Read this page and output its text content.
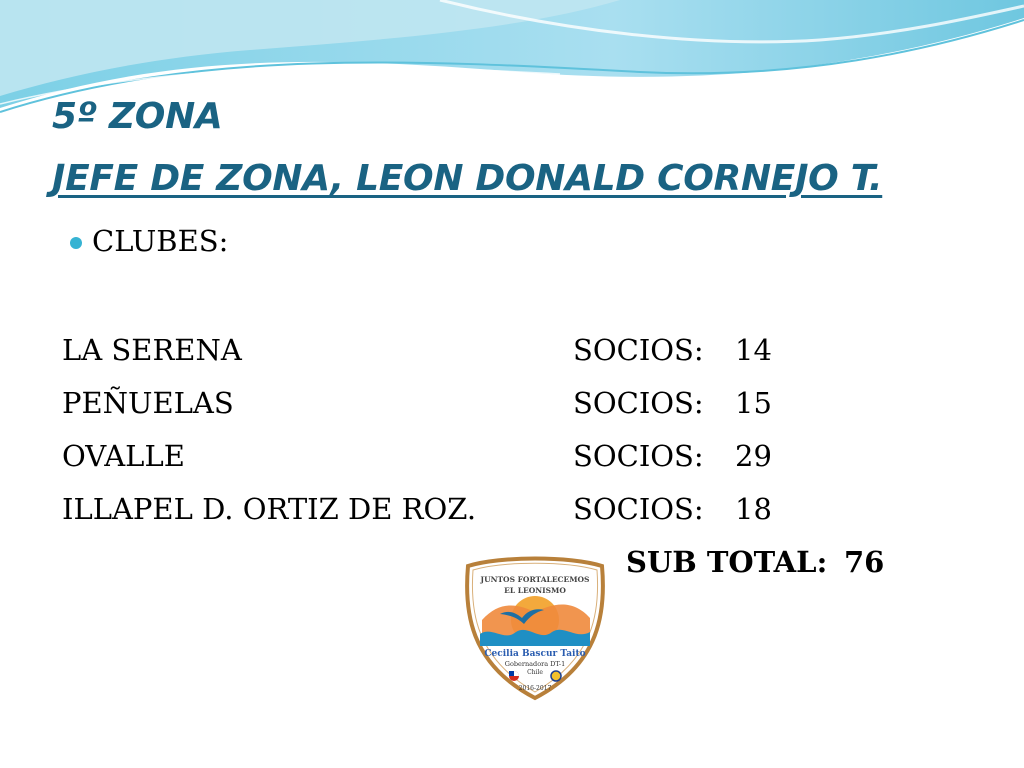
5º ZONA
JEFE DE ZONA, LEON DONALD CORNEJO T.
CLUBES:
LA SERENA	SOCIOS: 14
PEÑUELAS	SOCIOS: 15
OVALLE	SOCIOS: 29
ILLAPEL D. ORTIZ DE ROZ.	SOCIOS: 18
SUB TOTAL: 76
JUNTOS FORTALECEMOS
EL LEONISMO
Cecilia Bascur Taito
Gobernadora DT-1
Chile
2016-2017
